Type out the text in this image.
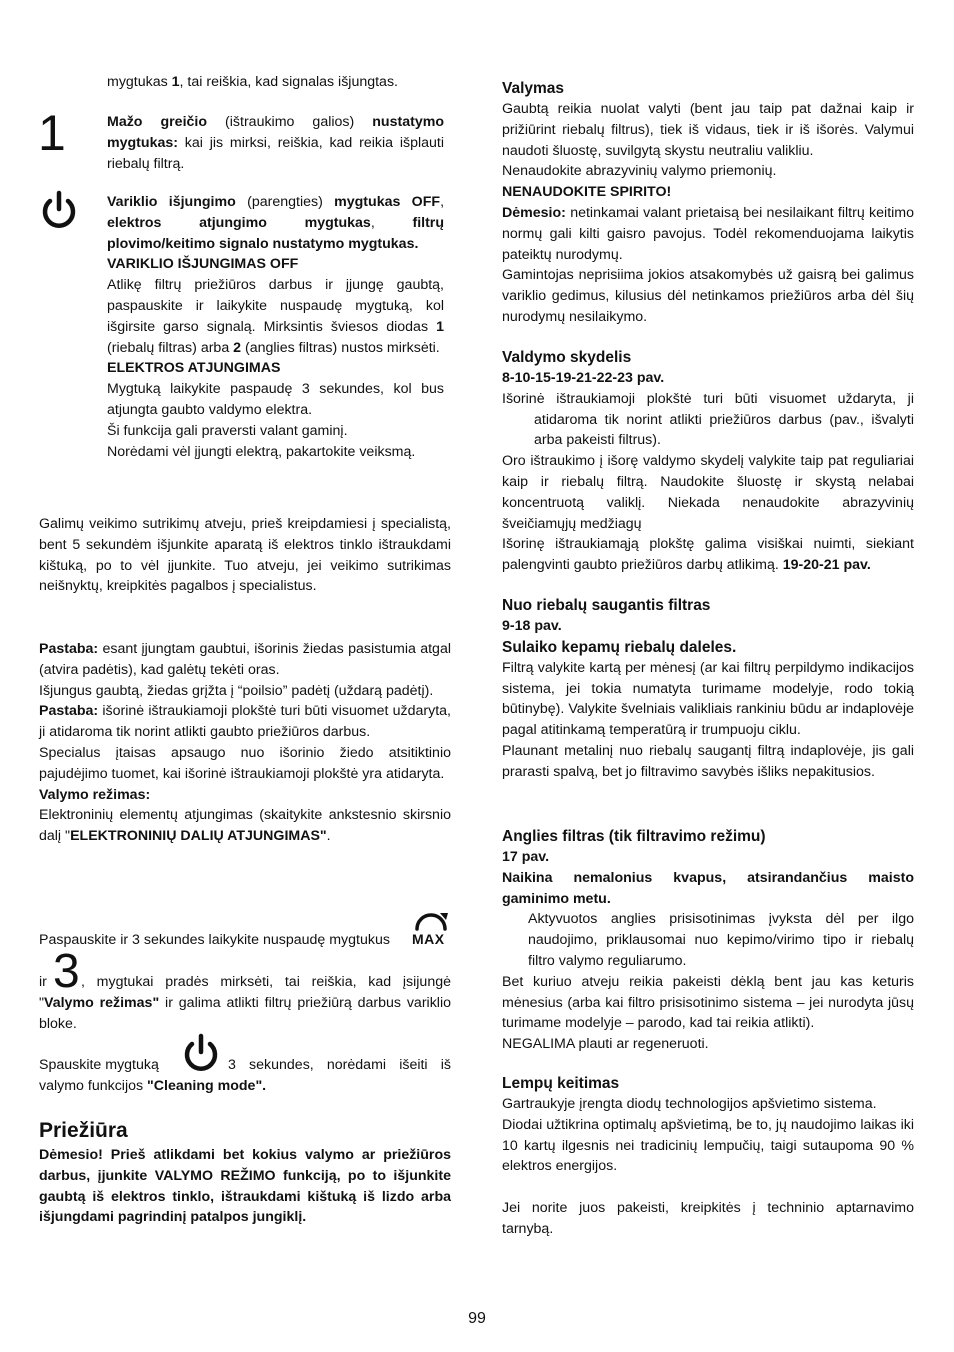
mygtukas 1, tai reiškia, kad signalas išjungtas.

1	Mažo greičio (ištraukimo galios) nustatymo mygtukas: kai jis mirksi, reiškia, kad reikia išplauti riebalų filtrą.

Variklio išjungimo (parengties) mygtukas OFF, elektros atjungimo mygtukas, filtrų plovimo/keitimo signalo nustatymo mygtukas.

VARIKLIO IŠJUNGIMAS OFF

Atlikę filtrų priežiūros darbus ir įjungę gaubtą, paspauskite ir laikykite nuspaudę mygtuką, kol išgirsite garso signalą. Mirksintis šviesos diodas 1 (riebalų filtras) arba 2 (anglies filtras) nustos mirksėti.

ELEKTROS ATJUNGIMAS

Mygtuką laikykite paspaudę 3 sekundes, kol bus atjungta gaubto valdymo elektra.

Ši funkcija gali praversti valant gaminį.

Norėdami vėl įjungti elektrą, pakartokite veiksmą.

Galimų veikimo sutrikimų atveju, prieš kreipdamiesi į specialistą, bent 5 sekundėm išjunkite aparatą iš elektros tinklo ištraukdami kištuką, po to vėl įjunkite. Tuo atveju, jei veikimo sutrikimas neišnyktų, kreipkitės pagalbos į specialistus.

Pastaba: esant įjungtam gaubtui, išorinis žiedas pasistumia atgal (atvira padėtis), kad galėtų tekėti oras.

Išjungus gaubtą, žiedas grįžta į “poilsio” padėtį (uždarą padėtį).

Pastaba: išorinė ištraukiamoji plokštė turi būti visuomet uždaryta, ji atidaroma tik norint atlikti gaubto priežiūros darbus.

Specialus įtaisas apsaugo nuo išorinio žiedo atsitiktinio pajudėjimo tuomet, kai išorinė ištraukiamoji plokštė yra atidaryta.

Valymo režimas:

Elektroninių elementų atjungimas (skaitykite ankstesnio skirsnio dalį "ELEKTRONINIŲ DALIŲ ATJUNGIMAS".

MAX

Paspauskite ir 3 sekundes laikykite nuspaudę mygtukus

ir 3 , mygtukai pradės mirksėti, tai reiškia, kad įsijungė "Valymo režimas" ir galima atlikti filtrų priežiūrą darbus variklio bloke.

Spauskite mygtuką	3 sekundes, norėdami išeiti iš valymo funkcijos "Cleaning mode".

Priežiūra
Dėmesio! Prieš atlikdami bet kokius valymo ar priežiūros darbus, įjunkite VALYMO REŽIMO funkciją, po to išjunkite gaubtą iš elektros tinklo, ištraukdami kištuką iš lizdo arba išjungdami pagrindinį patalpos jungiklį.

Valymas

Gaubtą reikia nuolat valyti (bent jau taip pat dažnai kaip ir prižiūrint riebalų filtrus), tiek iš vidaus, tiek ir iš išorės. Valymui naudoti šluostę, suvilgytą skystu neutraliu valikliu.

Nenaudokite abrazyvinių valymo priemonių.

NENAUDOKITE SPIRITO!

Dėmesio: netinkamai valant prietaisą bei nesilaikant filtrų keitimo normų gali kilti gaisro pavojus. Todėl rekomenduojama laikytis pateiktų nurodymų.

Gamintojas neprisiima jokios atsakomybės už gaisrą bei galimus variklio gedimus, kilusius dėl netinkamos priežiūros arba dėl šių nurodymų nesilaikymo.

Valdymo skydelis

8-10-15-19-21-22-23 pav.

Išorinė ištraukiamoji plokštė turi būti visuomet uždaryta, ji atidaroma tik norint atlikti priežiūros darbus (pav., išvalyti arba pakeisti filtrus).

Oro ištraukimo į išorę valdymo skydelį valykite taip pat reguliariai kaip ir riebalų filtrą. Naudokite šluostę ir skystą nelabai koncentruotą valiklį. Niekada nenaudokite abrazyvinių šveičiamųjų medžiagų

Išorinę ištraukiamąją plokštę galima visiškai nuimti, siekiant palengvinti gaubto priežiūros darbų atlikimą. 19-20-21 pav.

Nuo riebalų saugantis filtras

9-18 pav.

Sulaiko kepamų riebalų daleles.

Filtrą valykite kartą per mėnesį (ar kai filtrų perpildymo indikacijos sistema, jei tokia numatyta turimame modelyje, rodo tokią būtinybę). Valykite švelniais valikliais rankiniu būdu ar indaplovėje pagal atitinkamą temperatūrą ir trumpuoju ciklu.

Plaunant metalinį nuo riebalų saugantį filtrą indaplovėje, jis gali prarasti spalvą, bet jo filtravimo savybės išliks nepakitusios.

Anglies filtras (tik filtravimo režimu)

17 pav.

Naikina nemalonius kvapus, atsirandančius maisto gaminimo metu.

Aktyvuotos anglies prisisotinimas įvyksta dėl per ilgo naudojimo, priklausomai nuo kepimo/virimo tipo ir riebalų filtro valymo reguliarumo.

Bet kuriuo atveju reikia pakeisti dėklą bent jau kas keturis mėnesius (arba kai filtro prisisotinimo sistema – jei nurodyta jūsų turimame modelyje – parodo, kad tai reikia atlikti).

NEGALIMA plauti ar regeneruoti.

Lempų keitimas

Gartraukyje įrengta diodų technologijos apšvietimo sistema.

Diodai užtikrina optimalų apšvietimą, be to, jų naudojimo laikas iki 10 kartų ilgesnis nei tradicinių lempučių, taigi sutaupoma 90 % elektros energijos.

Jei norite juos pakeisti, kreipkitės į techninio aptarnavimo tarnybą.

99
